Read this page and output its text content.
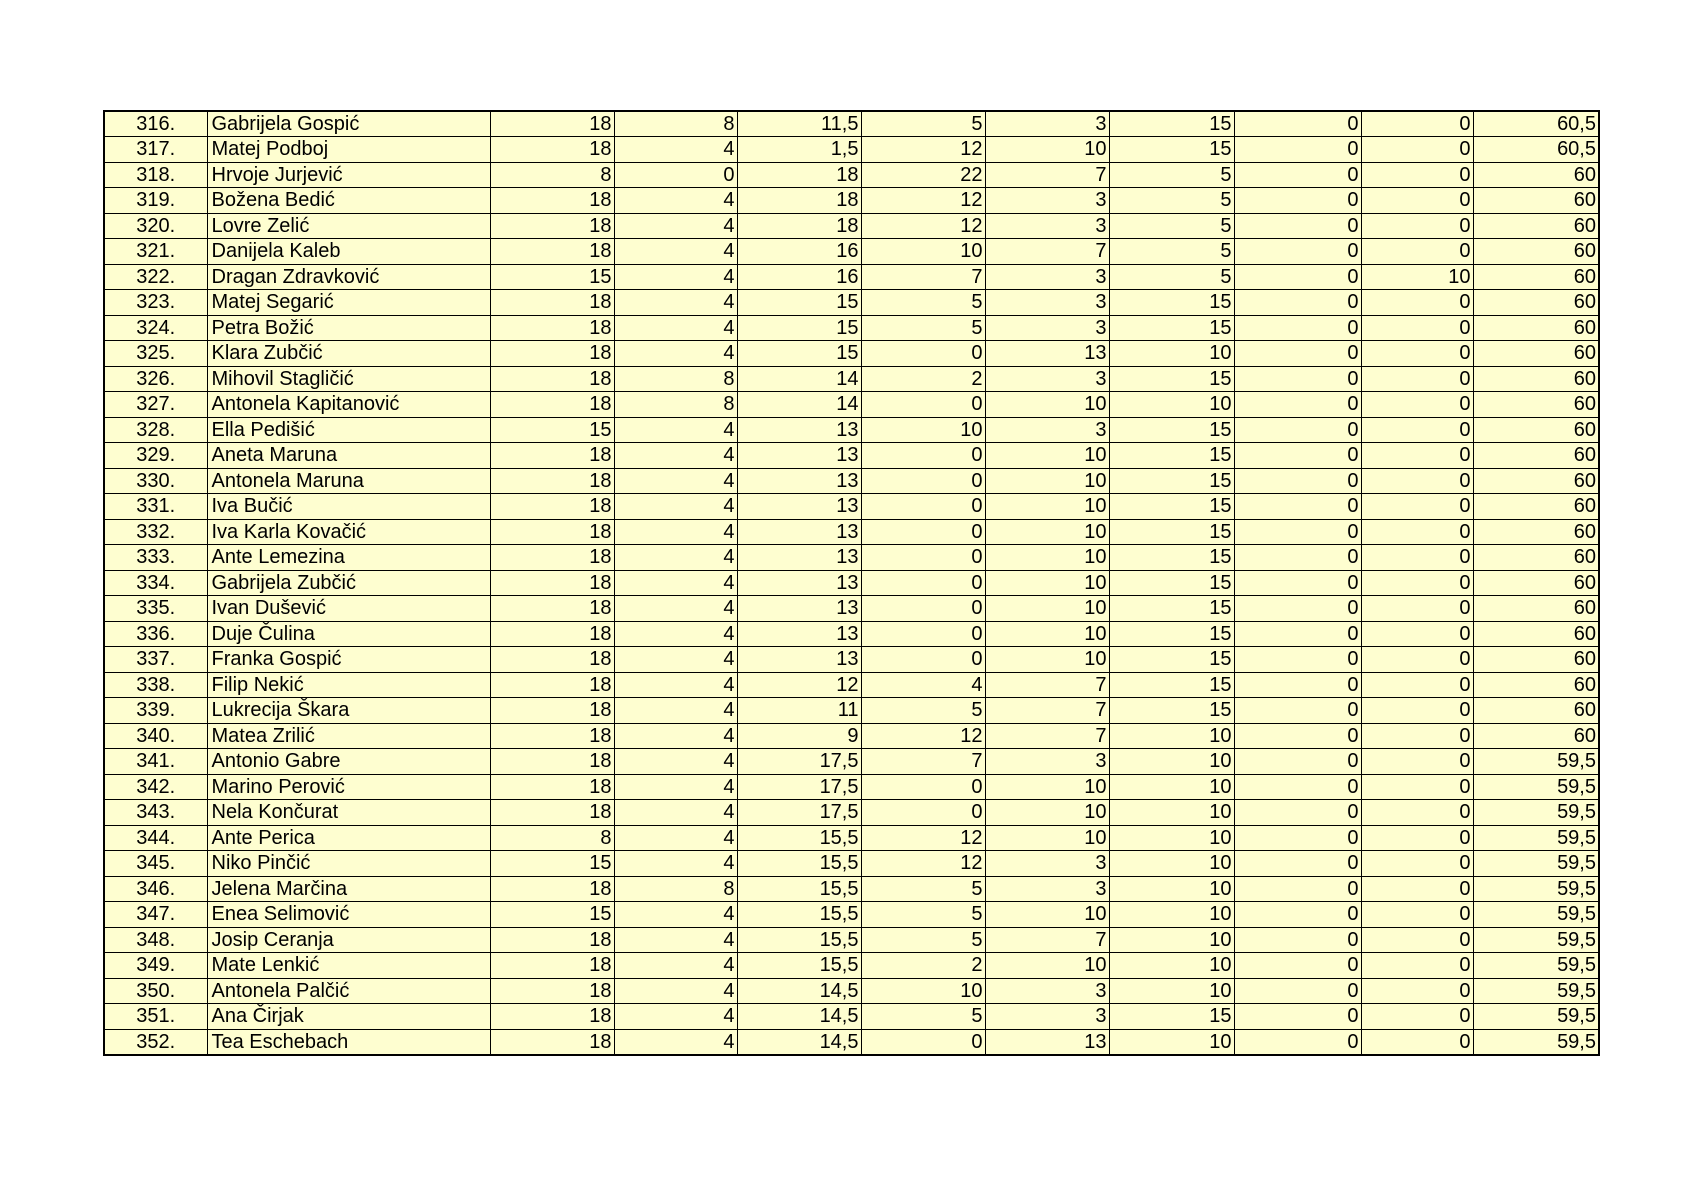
316.	Gabrijela Gospić	18	8	11,5	5	3	15	0	0	60,5
317.	Matej Podboj	18	4	1,5	12	10	15	0	0	60,5
318.	Hrvoje Jurjević	8	0	18	22	7	5	0	0	60
319.	Božena Bedić	18	4	18	12	3	5	0	0	60
320.	Lovre Zelić	18	4	18	12	3	5	0	0	60
321.	Danijela Kaleb	18	4	16	10	7	5	0	0	60
322.	Dragan Zdravković	15	4	16	7	3	5	0	10	60
323.	Matej Segarić	18	4	15	5	3	15	0	0	60
324.	Petra Božić	18	4	15	5	3	15	0	0	60
325.	Klara Zubčić	18	4	15	0	13	10	0	0	60
326.	Mihovil Stagličić	18	8	14	2	3	15	0	0	60
327.	Antonela Kapitanović	18	8	14	0	10	10	0	0	60
328.	Ella Pedišić	15	4	13	10	3	15	0	0	60
329.	Aneta Maruna	18	4	13	0	10	15	0	0	60
330.	Antonela Maruna	18	4	13	0	10	15	0	0	60
331.	Iva Bučić	18	4	13	0	10	15	0	0	60
332.	Iva Karla Kovačić	18	4	13	0	10	15	0	0	60
333.	Ante Lemezina	18	4	13	0	10	15	0	0	60
334.	Gabrijela Zubčić	18	4	13	0	10	15	0	0	60
335.	Ivan Dušević	18	4	13	0	10	15	0	0	60
336.	Duje Čulina	18	4	13	0	10	15	0	0	60
337.	Franka Gospić	18	4	13	0	10	15	0	0	60
338.	Filip Nekić	18	4	12	4	7	15	0	0	60
339.	Lukrecija Škara	18	4	11	5	7	15	0	0	60
340.	Matea Zrilić	18	4	9	12	7	10	0	0	60
341.	Antonio Gabre	18	4	17,5	7	3	10	0	0	59,5
342.	Marino Perović	18	4	17,5	0	10	10	0	0	59,5
343.	Nela Končurat	18	4	17,5	0	10	10	0	0	59,5
344.	Ante Perica	8	4	15,5	12	10	10	0	0	59,5
345.	Niko Pinčić	15	4	15,5	12	3	10	0	0	59,5
346.	Jelena Marčina	18	8	15,5	5	3	10	0	0	59,5
347.	Enea Selimović	15	4	15,5	5	10	10	0	0	59,5
348.	Josip Ceranja	18	4	15,5	5	7	10	0	0	59,5
349.	Mate Lenkić	18	4	15,5	2	10	10	0	0	59,5
350.	Antonela Palčić	18	4	14,5	10	3	10	0	0	59,5
351.	Ana Čirjak	18	4	14,5	5	3	15	0	0	59,5
352.	Tea Eschebach	18	4	14,5	0	13	10	0	0	59,5
